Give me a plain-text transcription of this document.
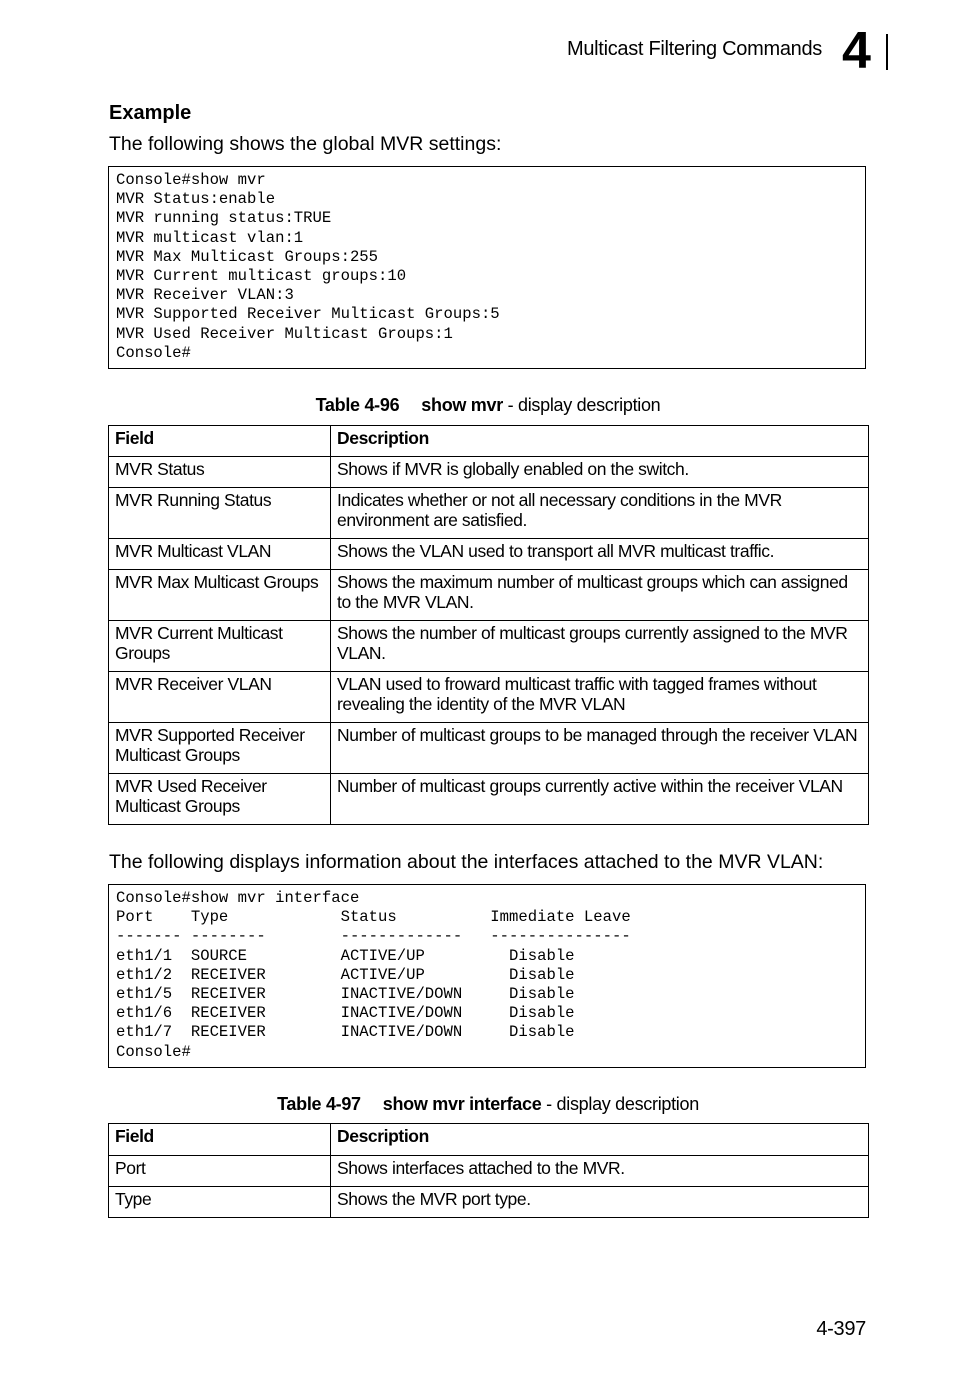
Multicast Filtering Commands 4
Example
The following shows the global MVR settings:
Console#show mvr
MVR Status:enable
MVR running status:TRUE
MVR multicast vlan:1
MVR Max Multicast Groups:255
MVR Current multicast groups:10
MVR Receiver VLAN:3
MVR Supported Receiver Multicast Groups:5
MVR Used Receiver Multicast Groups:1
Console#
Table 4-96 show mvr - display description
Field	Description
MVR Status	Shows if MVR is globally enabled on the switch.
MVR Running Status	Indicates whether or not all necessary conditions in the MVR environment are satisfied.
MVR Multicast VLAN	Shows the VLAN used to transport all MVR multicast traffic.
MVR Max Multicast Groups	Shows the maximum number of multicast groups which can assigned to the MVR VLAN.
MVR Current Multicast Groups	Shows the number of multicast groups currently assigned to the MVR VLAN.
MVR Receiver VLAN	VLAN used to froward multicast traffic with tagged frames without revealing the identity of the MVR VLAN
MVR Supported Receiver Multicast Groups	Number of multicast groups to be managed through the receiver VLAN
MVR Used Receiver Multicast Groups	Number of multicast groups currently active within the receiver VLAN
The following displays information about the interfaces attached to the MVR VLAN:
Console#show mvr interface
Port    Type            Status          Immediate Leave
------- --------        -------------   ---------------
eth1/1  SOURCE          ACTIVE/UP         Disable
eth1/2  RECEIVER        ACTIVE/UP         Disable
eth1/5  RECEIVER        INACTIVE/DOWN     Disable
eth1/6  RECEIVER        INACTIVE/DOWN     Disable
eth1/7  RECEIVER        INACTIVE/DOWN     Disable
Console#
Table 4-97 show mvr interface - display description
Field	Description
Port	Shows interfaces attached to the MVR.
Type	Shows the MVR port type.
4-397
